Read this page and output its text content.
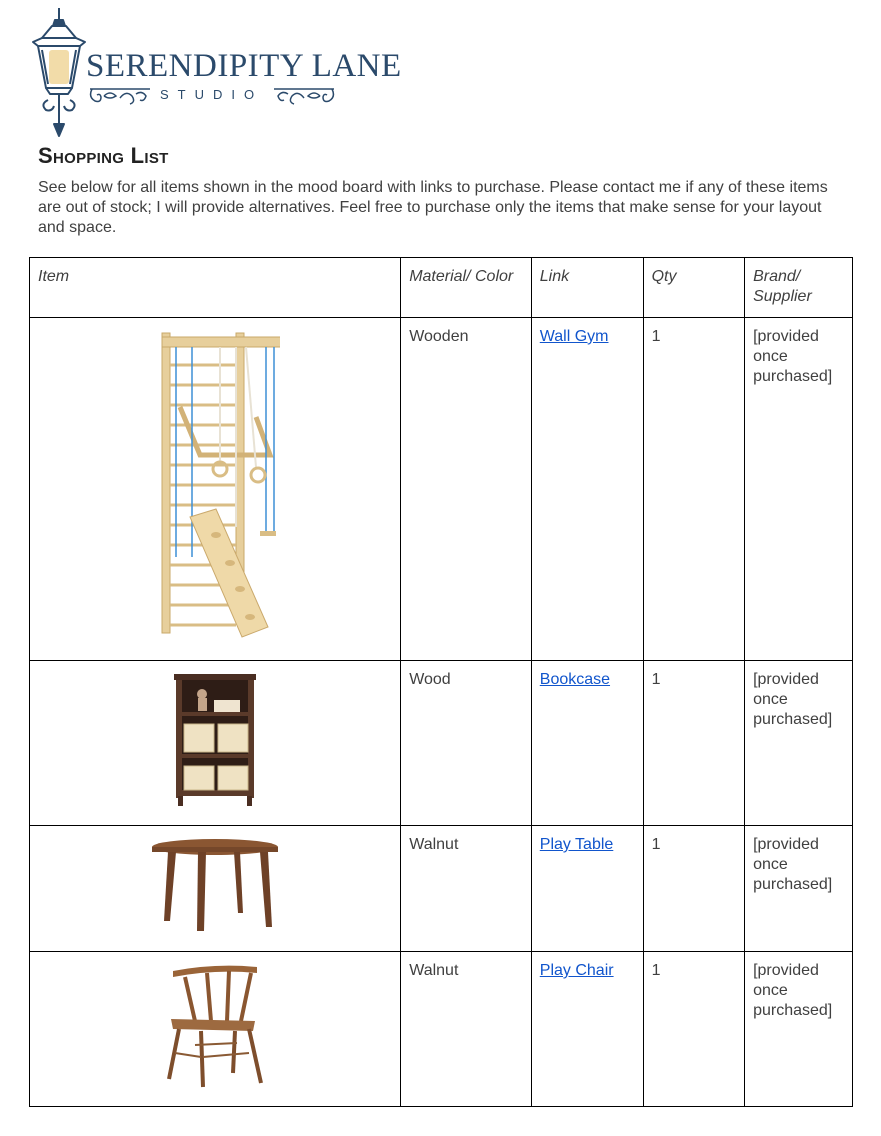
SERENDIPITY LANE
STUDIO
Shopping List

See below for all items shown in the mood board with links to purchase. Please contact me if any of these items are out of stock; I will provide alternatives. Feel free to purchase only the items that make sense for your layout and space.

Item	Material/ Color	Link	Qty	Brand/ Supplier

	Wooden	Wall Gym	1	[provided once purchased]

	Wood	Bookcase	1	[provided once purchased]

	Walnut	Play Table	1	[provided once purchased]

	Walnut	Play Chair	1	[provided once purchased]
